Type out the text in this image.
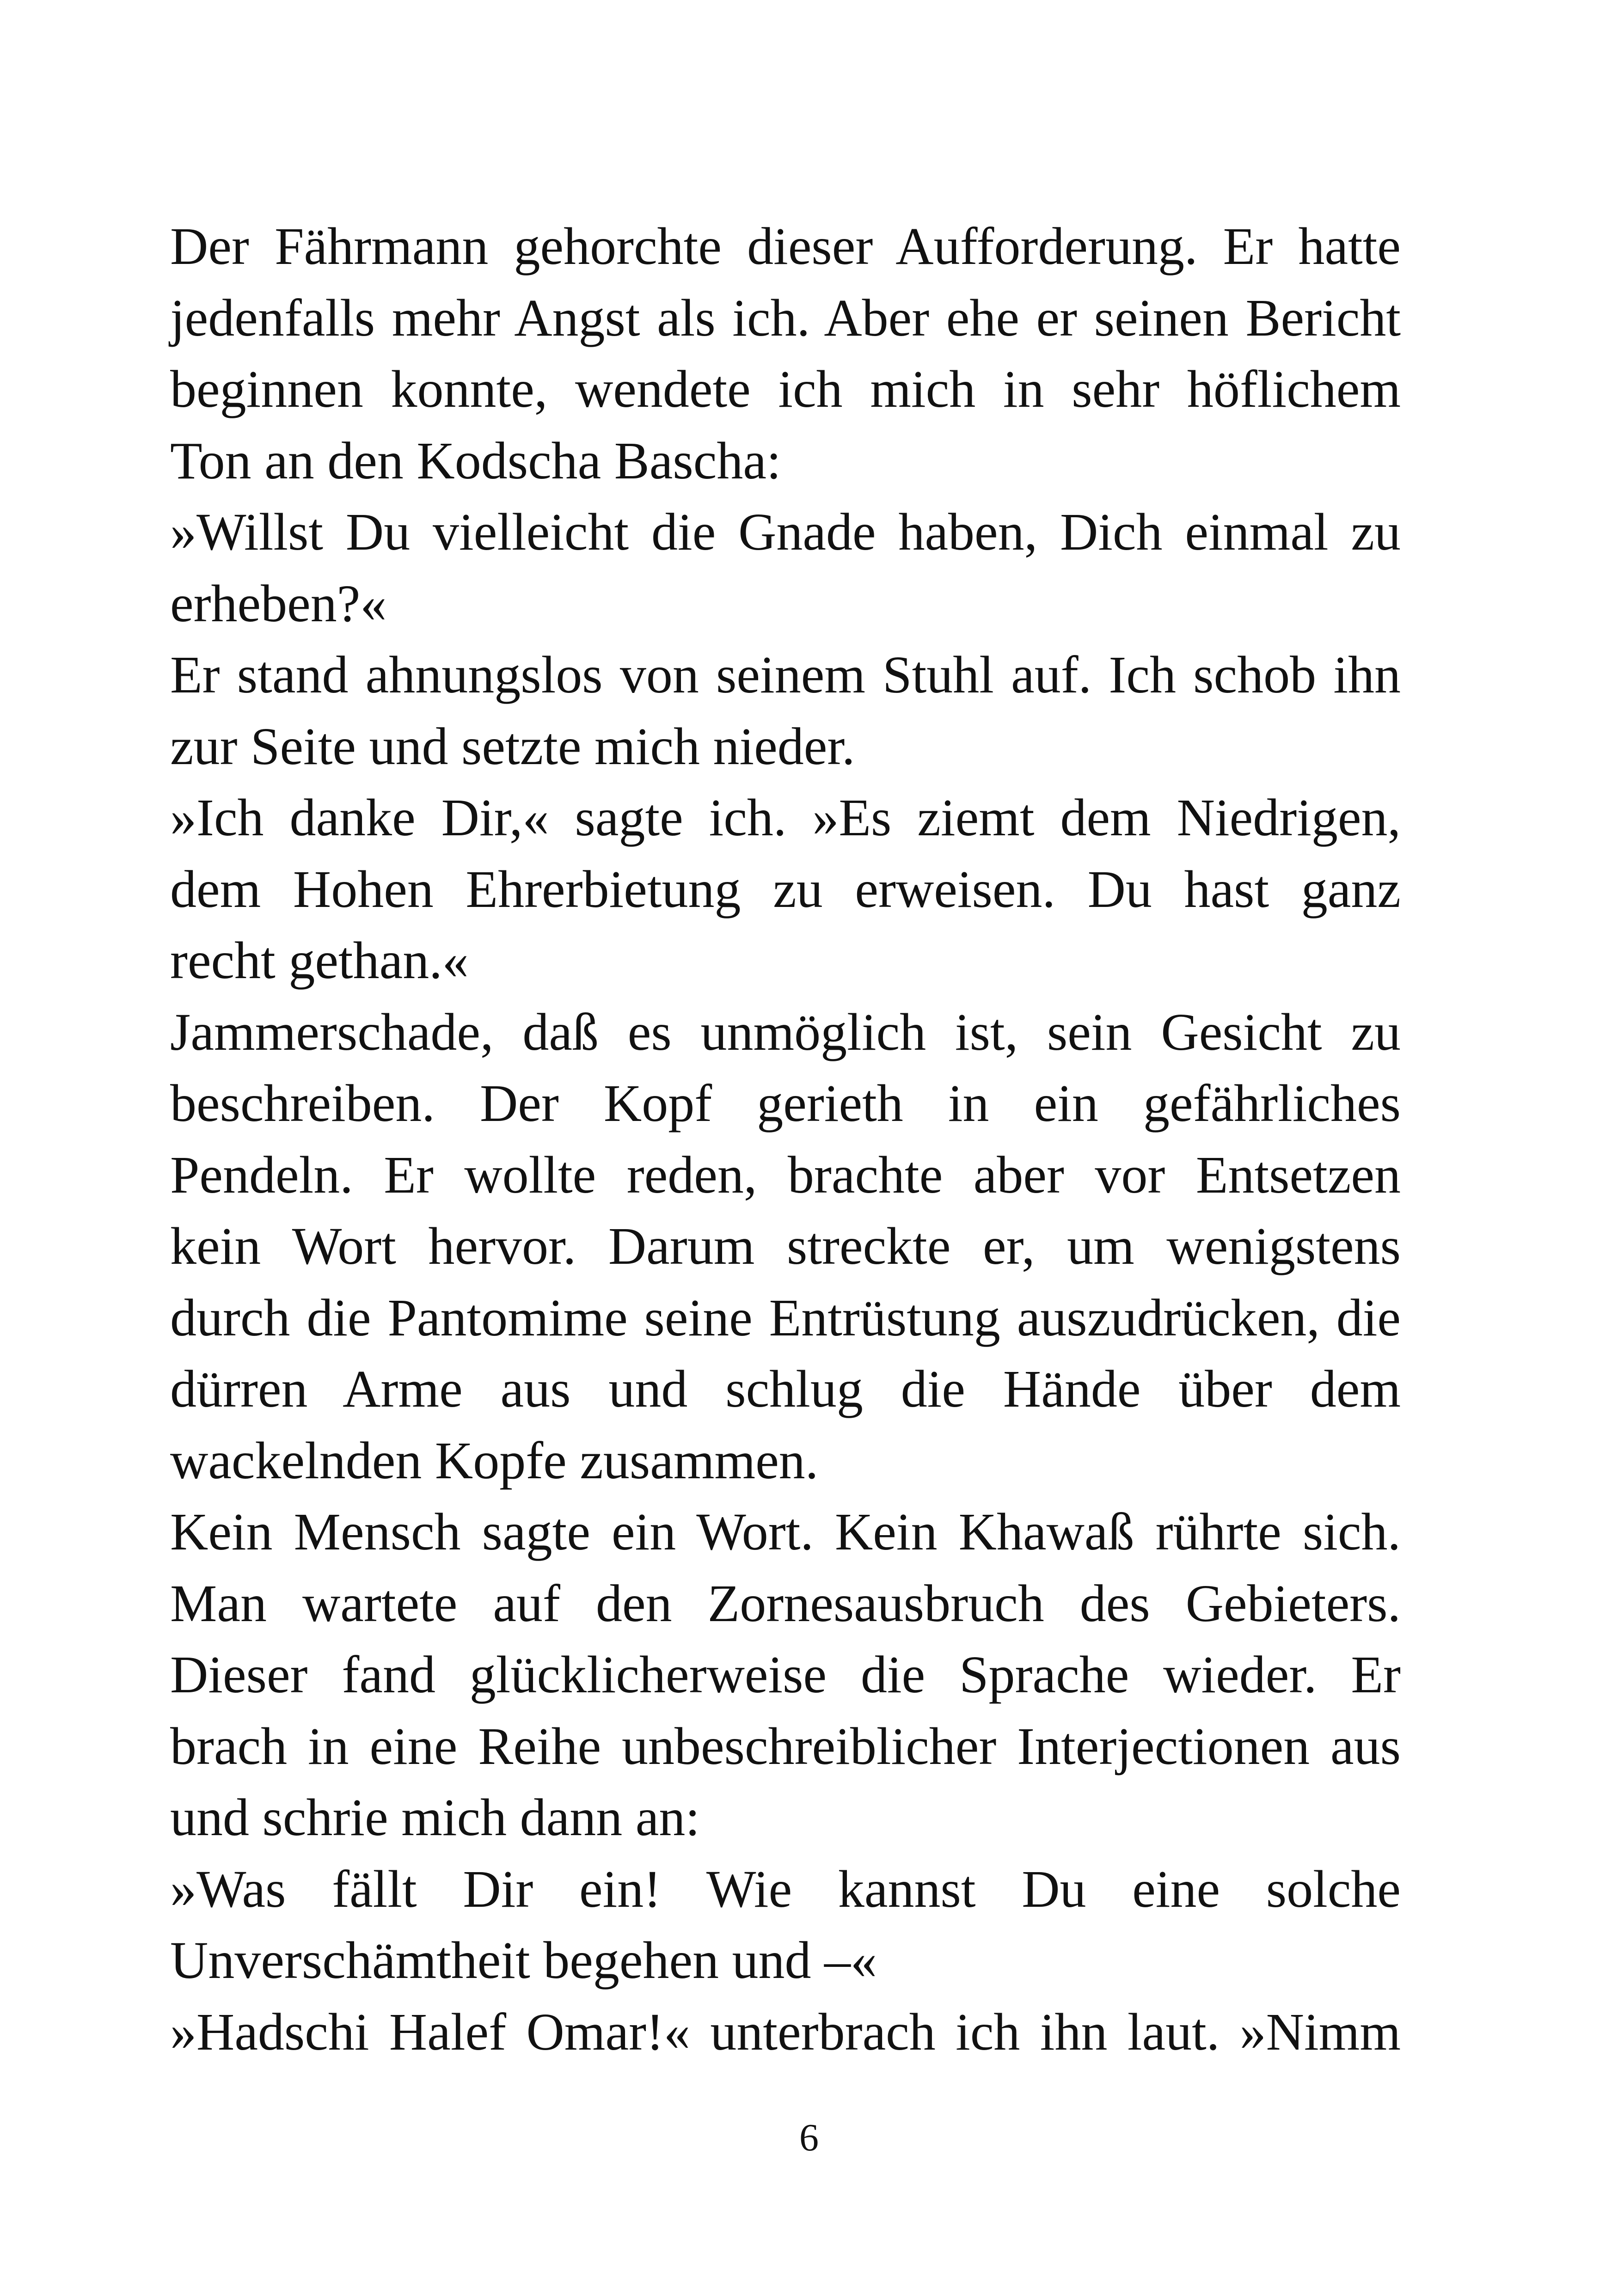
Der Fährmann gehorchte dieser Aufforderung. Er hatte
jedenfalls mehr Angst als ich. Aber ehe er seinen Bericht
beginnen konnte, wendete ich mich in sehr höflichem
Ton an den Kodscha Bascha:
»Willst Du vielleicht die Gnade haben, Dich einmal zu
erheben?«
Er stand ahnungslos von seinem Stuhl auf. Ich schob ihn
zur Seite und setzte mich nieder.
»Ich danke Dir,« sagte ich. »Es ziemt dem Niedrigen,
dem Hohen Ehrerbietung zu erweisen. Du hast ganz
recht gethan.«
Jammerschade, daß es unmöglich ist, sein Gesicht zu
beschreiben. Der Kopf gerieth in ein gefährliches
Pendeln. Er wollte reden, brachte aber vor Entsetzen
kein Wort hervor. Darum streckte er, um wenigstens
durch die Pantomime seine Entrüstung auszudrücken, die
dürren Arme aus und schlug die Hände über dem
wackelnden Kopfe zusammen.
Kein Mensch sagte ein Wort. Kein Khawaß rührte sich.
Man wartete auf den Zornesausbruch des Gebieters.
Dieser fand glücklicherweise die Sprache wieder. Er
brach in eine Reihe unbeschreiblicher Interjectionen aus
und schrie mich dann an:
»Was fällt Dir ein! Wie kannst Du eine solche
Unverschämtheit begehen und –«
»Hadschi Halef Omar!« unterbrach ich ihn laut. »Nimm
6
